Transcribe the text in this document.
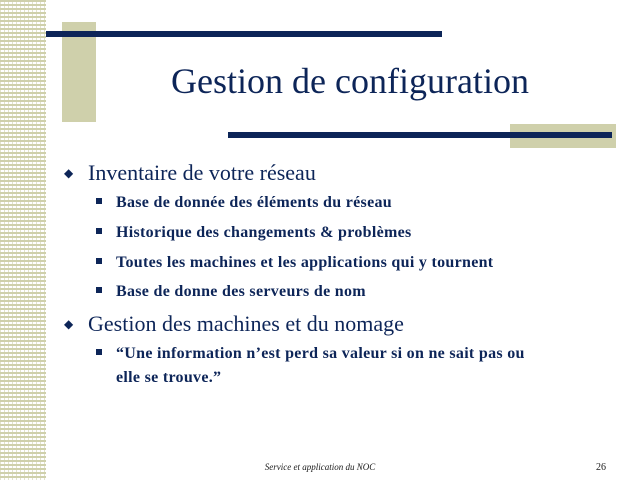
Gestion de configuration
◆ Inventaire de votre réseau
Base de donnée des éléments du réseau
Historique des changements & problèmes
Toutes les machines et les applications qui y tournent
Base de donne des serveurs de nom
◆ Gestion des machines et du nomage
“Une information n’est perd sa valeur si on ne sait pas ou
elle se trouve.”
Service et application du NOC	26
